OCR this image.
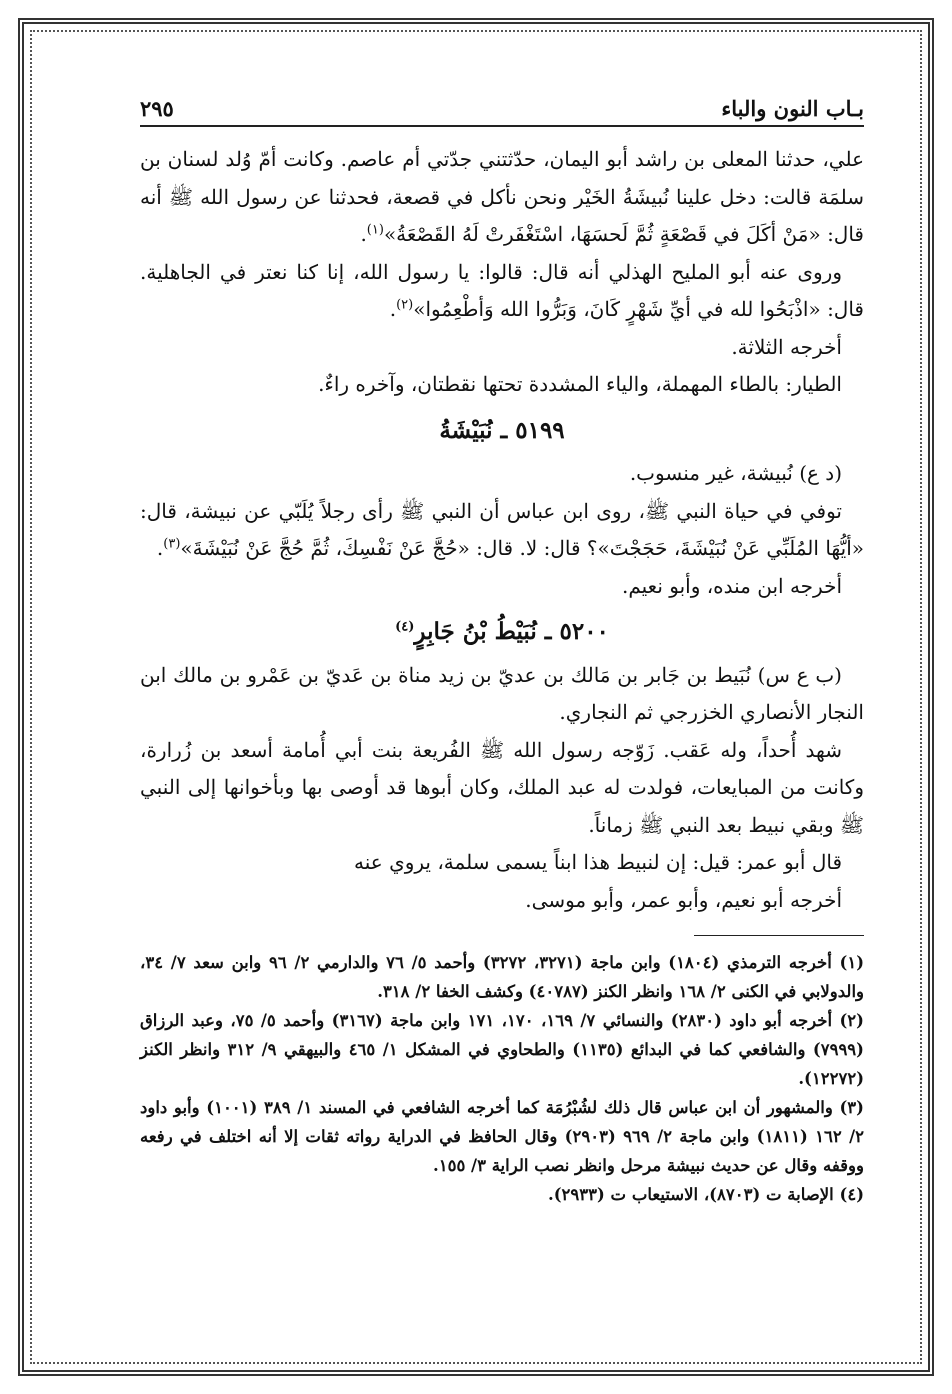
بـاب النون والباء
٢٩٥

علي، حدثنا المعلى بن راشد أبو اليمان، حدّثتني جدّتي أم عاصم. وكانت أمّ وُلد لسنان بن سلمَة قالت: دخل علينا نُبيشَةُ الخَيْر ونحن نأكل في قصعة، فحدثنا عن رسول الله ﷺ أنه قال: «مَنْ أكَلَ في قَصْعَةٍ ثُمَّ لَحسَهَا، اسْتَغْفَرتْ لَهُ القَصْعَةُ»$^{(١)}$.

وروى عنه أبو المليح الهذلي أنه قال: قالوا: يا رسول الله، إنا كنا نعتر في الجاهلية. قال: «اذْبَحُوا لله في أيِّ شَهْرٍ كَانَ، وَبَرُّوا الله وَأطْعِمُوا»$^{(٢)}$.

أخرجه الثلاثة.

الطيار: بالطاء المهملة، والياء المشددة تحتها نقطتان، وآخره راءٌ.

٥١٩٩ ـ نُبَيْشَةُ

(د ع) نُبيشة، غير منسوب.

توفي في حياة النبي ﷺ، روى ابن عباس أن النبي ﷺ رأى رجلاً يُلَبّي عن نبيشة، قال: «أيُّهَا المُلَبِّي عَنْ نُبَيْشَةَ، حَجَجْتَ»؟ قال: لا. قال: «حُجَّ عَنْ نَفْسِكَ، ثُمَّ حُجَّ عَنْ نُبَيْشَةَ»$^{(٣)}$.

أخرجه ابن منده، وأبو نعيم.

٥٢٠٠ ـ نُبَيْطُ بْنُ جَابِرٍ$^{(٤)}$

(ب ع س) نُبَيط بن جَابر بن مَالك بن عديّ بن زيد مناة بن عَديّ بن عَمْرو بن مالك ابن النجار الأنصاري الخزرجي ثم النجاري.

شهد أُحداً، وله عَقب. زَوّجه رسول الله ﷺ الفُريعة بنت أبي أُمامة أسعد بن زُرارة، وكانت من المبايعات، فولدت له عبد الملك، وكان أبوها قد أوصى بها وبأخوانها إلى النبي ﷺ وبقي نبيط بعد النبي ﷺ زماناً.

قال أبو عمر: قيل: إن لنبيط هذا ابناً يسمى سلمة، يروي عنه

أخرجه أبو نعيم، وأبو عمر، وأبو موسى.

(١) أخرجه الترمذي (١٨٠٤) وابن ماجة (٣٢٧١، ٣٢٧٢) وأحمد ٥/ ٧٦ والدارمي ٢/ ٩٦ وابن سعد ٧/ ٣٤، والدولابي في الكنى ٢/ ١٦٨ وانظر الكنز (٤٠٧٨٧) وكشف الخفا ٢/ ٣١٨.

(٢) أخرجه أبو داود (٢٨٣٠) والنسائي ٧/ ١٦٩، ١٧٠، ١٧١ وابن ماجة (٣١٦٧) وأحمد ٥/ ٧٥، وعبد الرزاق (٧٩٩٩) والشافعي كما في البدائع (١١٣٥) والطحاوي في المشكل ١/ ٤٦٥ والبيهقي ٩/ ٣١٢ وانظر الكنز (١٢٢٧٢).

(٣) والمشهور أن ابن عباس قال ذلك لشُبْرُمَة كما أخرجه الشافعي في المسند ١/ ٣٨٩ (١٠٠١) وأبو داود ٢/ ١٦٢ (١٨١١) وابن ماجة ٢/ ٩٦٩ (٢٩٠٣) وقال الحافظ في الدراية رواته ثقات إلا أنه اختلف في رفعه ووقفه وقال عن حديث نبيشة مرحل وانظر نصب الراية ٣/ ١٥٥.

(٤) الإصابة ت (٨٧٠٣)، الاستيعاب ت (٢٩٣٣).
